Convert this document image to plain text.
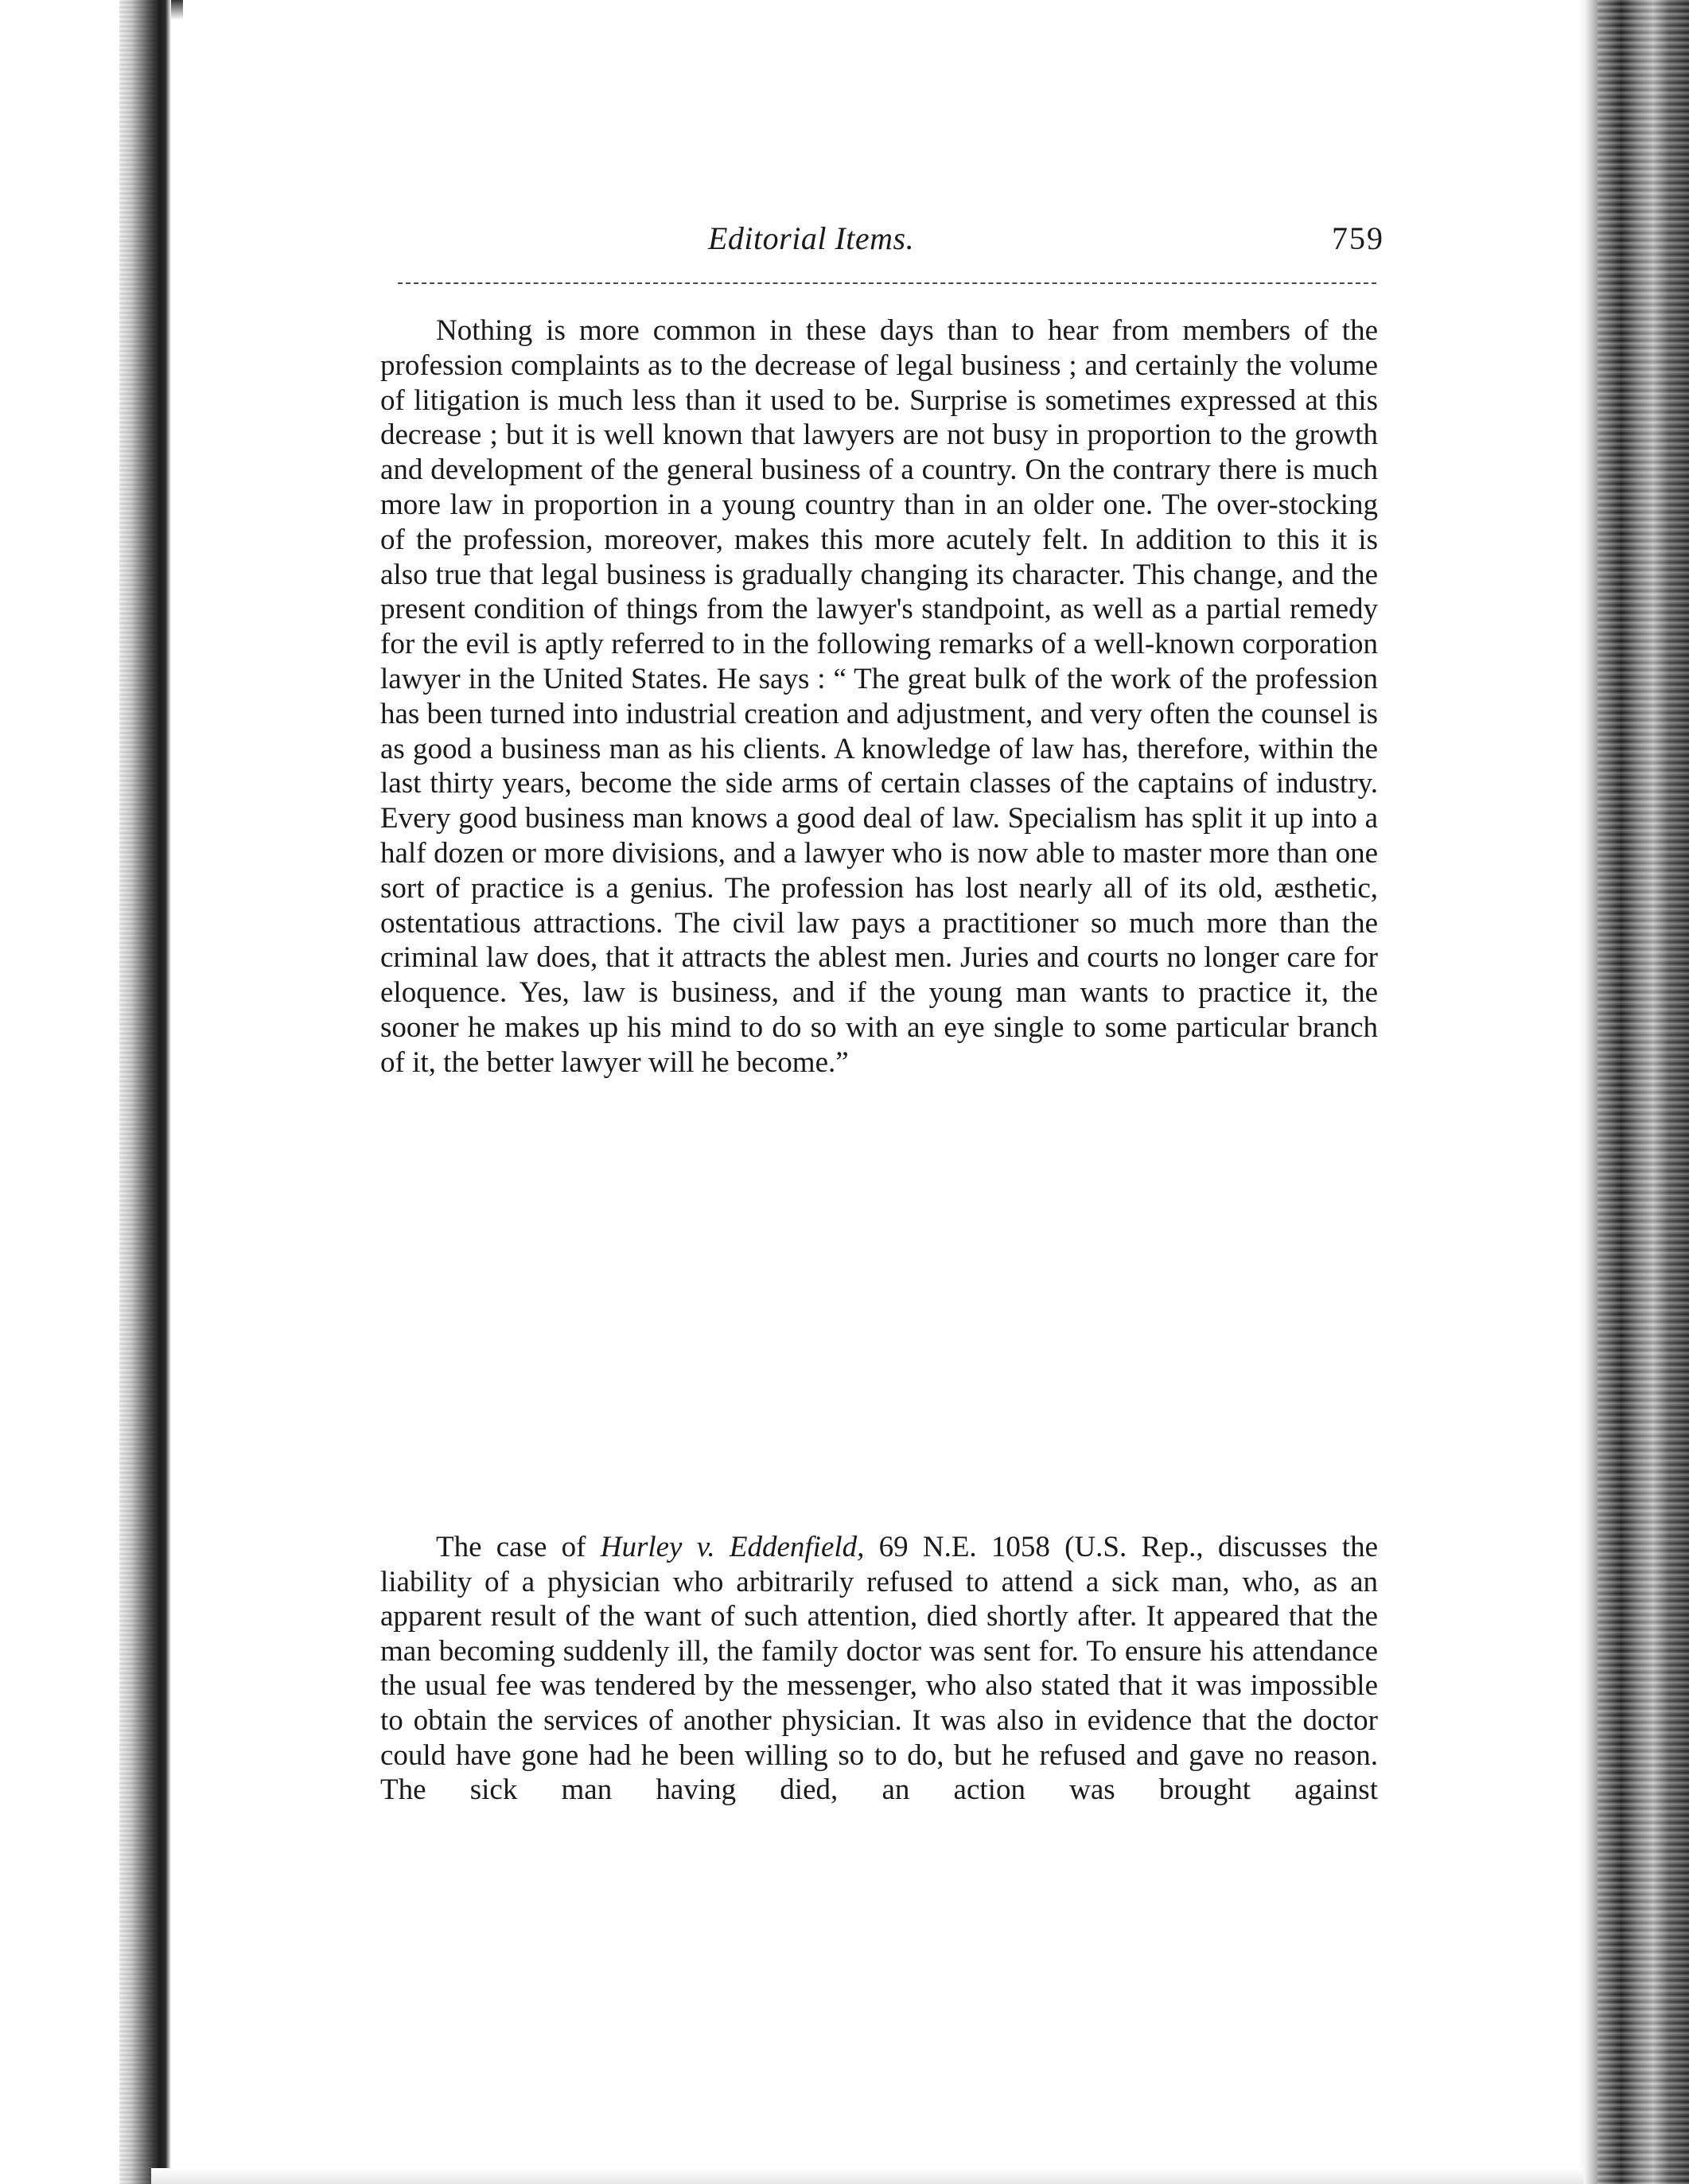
Editorial Items.	759

Nothing is more common in these days than to hear from members of the profession complaints as to the decrease of legal business ; and certainly the volume of litigation is much less than it used to be. Surprise is sometimes expressed at this decrease ; but it is well known that lawyers are not busy in proportion to the growth and development of the general business of a country. On the contrary there is much more law in proportion in a young country than in an older one. The over-stocking of the profession, moreover, makes this more acutely felt. In addition to this it is also true that legal business is gradually changing its character. This change, and the present condition of things from the lawyer's standpoint, as well as a partial remedy for the evil is aptly referred to in the following remarks of a well-known corporation lawyer in the United States. He says : “ The great bulk of the work of the profession has been turned into industrial creation and adjustment, and very often the counsel is as good a business man as his clients. A knowledge of law has, therefore, within the last thirty years, become the side arms of certain classes of the captains of industry. Every good business man knows a good deal of law. Specialism has split it up into a half dozen or more divisions, and a lawyer who is now able to master more than one sort of practice is a genius. The profession has lost nearly all of its old, æsthetic, ostentatious attractions. The civil law pays a practitioner so much more than the criminal law does, that it attracts the ablest men. Juries and courts no longer care for eloquence. Yes, law is business, and if the young man wants to practice it, the sooner he makes up his mind to do so with an eye single to some particular branch of it, the better lawyer will he become.”

The case of Hurley v. Eddenfield, 69 N.E. 1058 (U.S. Rep., discusses the liability of a physician who arbitrarily refused to attend a sick man, who, as an apparent result of the want of such attention, died shortly after. It appeared that the man becoming suddenly ill, the family doctor was sent for. To ensure his attendance the usual fee was tendered by the messenger, who also stated that it was impossible to obtain the services of another physician. It was also in evidence that the doctor could have gone had he been willing so to do, but he refused and gave no reason. The sick man having died, an action was brought against
